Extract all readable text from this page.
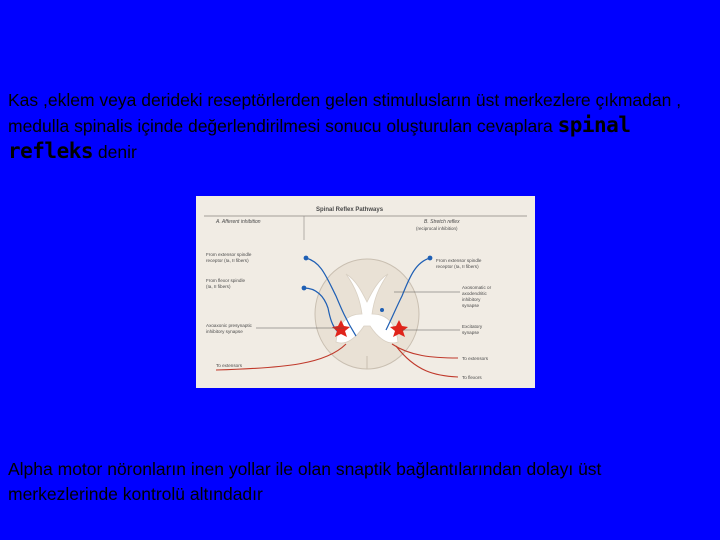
Kas ,eklem veya derideki reseptörlerden gelen stimulusların üst merkezlere çıkmadan , medulla spinalis içinde değerlendirilmesi sonucu oluşturulan cevaplara spinal refleks denir

Spinal Reflex Pathways
A. Afferent inhibition	B. Stretch reflex
(reciprocal inhibition)
From extensor spindle
receptor (Ia, II fibers)
From flexor spindle
(Ia, II fibers)
Axoaxonic presynaptic
inhibitory synapse
To extensors
From extensor spindle
receptor (Ia, II fibers)
Axosomatic or
axodendritic
inhibitory
synapse
Excitatory
synapse
To extensors
To flexors

Alpha motor nöronların inen yollar ile olan snaptik bağlantılarından dolayı üst merkezlerinde kontrolü altındadır
